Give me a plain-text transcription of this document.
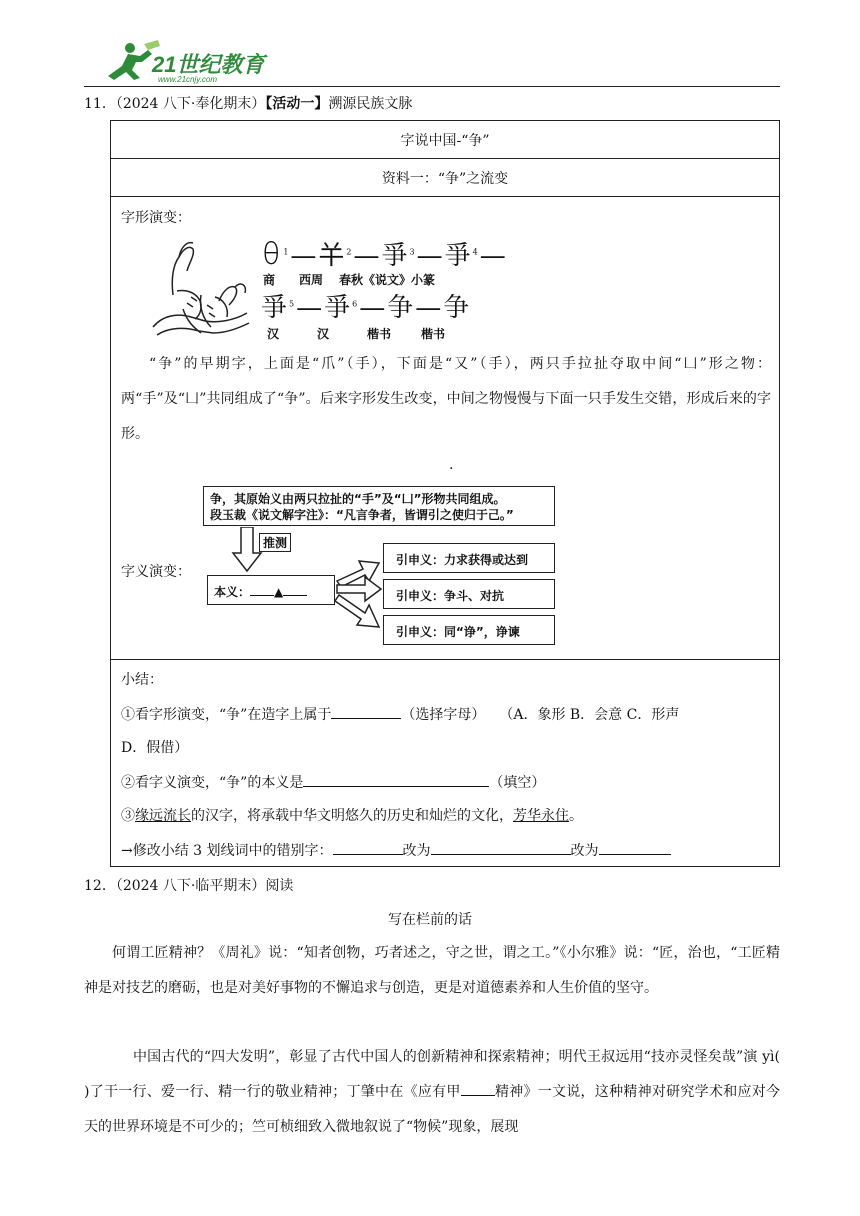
21世纪教育
www.21cnjy.com
11．（2024 八下·奉化期末）【活动一】溯源民族文脉
字说中国-“争”
资料一：“争”之流变

字形演变：
ꆪ$^1$—𢆉$^2$—爭$^3$—爭$^4$—
商 西周 春秋《说文》小篆
爭$^5$—爭$^6$—争—争
汉	汉	楷书	楷书
“争”的早期字，上面是“爪”（手），下面是“又”（手），两只手拉扯夺取中间“凵”形之物：两“手”及“凵”共同组成了“争”。后来字形发生改变，中间之物慢慢与下面一只手发生交错，形成后来的字形。
.
字义演变：
争，其原始义由两只拉扯的“手”及“凵”形物共同组成。
段玉裁《说文解字注》：“凡言争者，皆谓引之使归于己。”
推测
本义： ▲
引申义：力求获得或达到
引申义：争斗、对抗
引申义：同“诤”，诤谏

小结：
①看字形演变，“争”在造字上属于	（选择字母） （A．象形 B．会意 C．形声
D．假借）
②看字义演变，“争”的本义是	（填空）
③缘远流长的汉字，将承载中华文明悠久的历史和灿烂的文化，芳华永住。
→修改小结 3 划线词中的错别字：	改为	改为
12．（2024 八下·临平期末）阅读
写在栏前的话
何谓工匠精神？《周礼》说：“知者创物，巧者述之，守之世，谓之工。”《小尔雅》说：“匠，治也，“工匠精神是对技艺的磨砺，也是对美好事物的不懈追求与创造，更是对道德素养和人生价值的坚守。
中国古代的“四大发明”，彰显了古代中国人的创新精神和探索精神；明代王叔远用“技亦灵怪矣哉”演 yì( )了干一行、爱一行、精一行的敬业精神；丁肇中在《应有甲 精神》一文说，这种精神对研究学术和应对今天的世界环境是不可少的；竺可桢细致入微地叙说了“物候”现象，展现
